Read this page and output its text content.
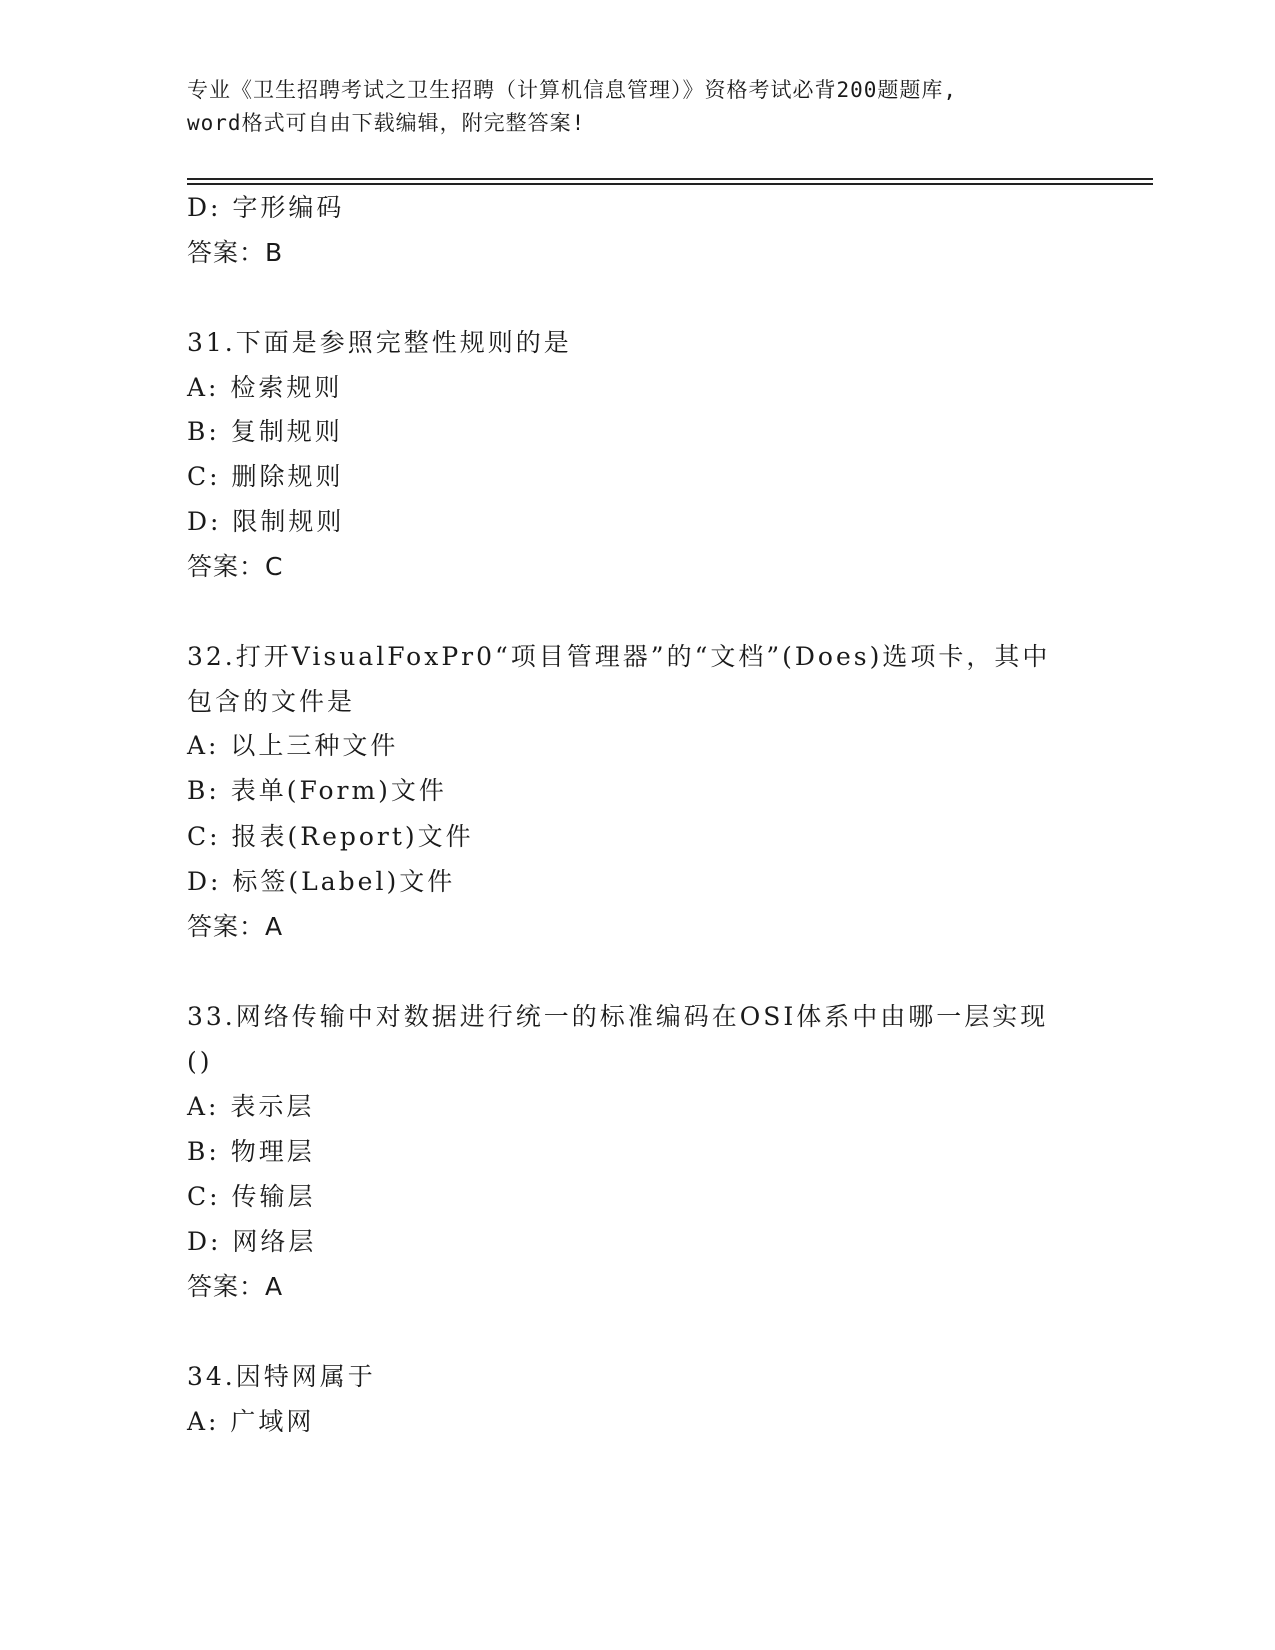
专业《卫生招聘考试之卫生招聘（计算机信息管理）》资格考试必背200题题库,
word格式可自由下载编辑，附完整答案!
D: 字形编码
答案：B
31.下面是参照完整性规则的是
A: 检索规则
B: 复制规则
C: 删除规则
D: 限制规则
答案：C
32.打开VisualFoxPr0“项目管理器”的“文档”(Does)选项卡，其中
包含的文件是
A: 以上三种文件
B: 表单(Form)文件
C: 报表(Report)文件
D: 标签(Label)文件
答案：A
33.网络传输中对数据进行统一的标准编码在OSI体系中由哪一层实现
()
A: 表示层
B: 物理层
C: 传输层
D: 网络层
答案：A
34.因特网属于
A: 广域网
